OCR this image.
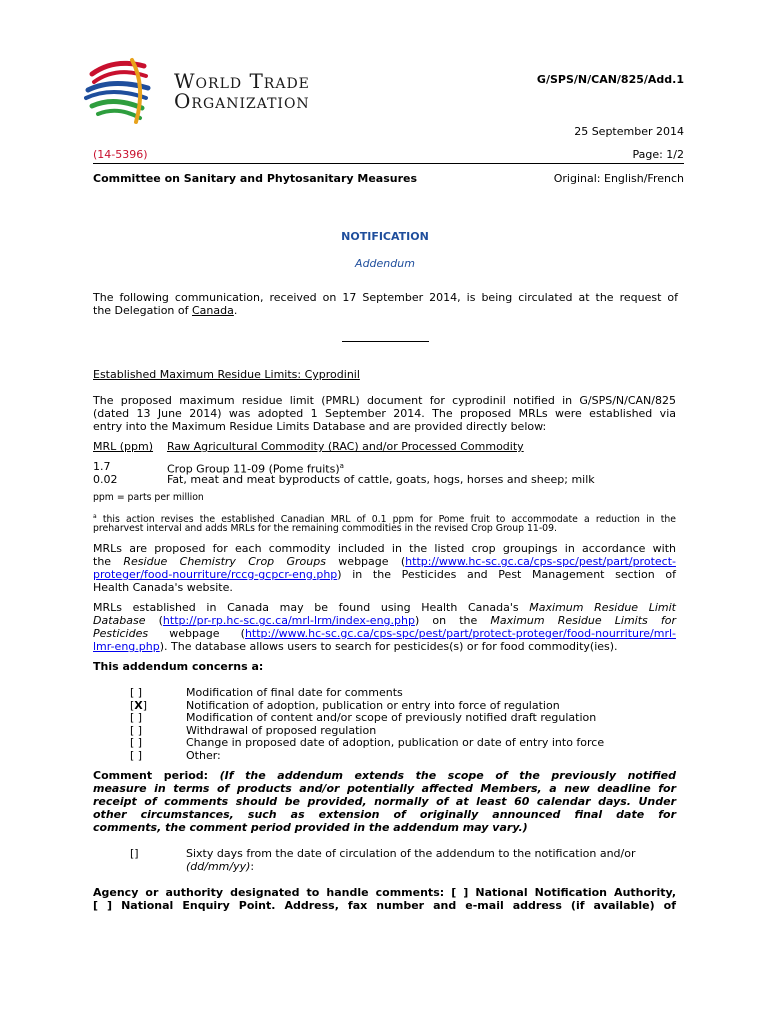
World Trade
Organization
G/SPS/N/CAN/825/Add.1
25 September 2014
(14-5396)	Page: 1/2
Committee on Sanitary and Phytosanitary Measures	Original: English/French
NOTIFICATION
Addendum
The following communication, received on 17 September 2014, is being circulated at the request of
the Delegation of Canada.
Established Maximum Residue Limits: Cyprodinil
The proposed maximum residue limit (PMRL) document for cyprodinil notified in G/SPS/N/CAN/825
(dated 13 June 2014) was adopted 1 September 2014. The proposed MRLs were established via
entry into the Maximum Residue Limits Database and are provided directly below:
MRL (ppm) Raw Agricultural Commodity (RAC) and/or Processed Commodity
1.7	Crop Group 11-09 (Pome fruits)$^a$
0.02	Fat, meat and meat byproducts of cattle, goats, hogs, horses and sheep; milk
ppm = parts per million
$^a$ this action revises the established Canadian MRL of 0.1 ppm for Pome fruit to accommodate a reduction in the
preharvest interval and adds MRLs for the remaining commodities in the revised Crop Group 11-09.
MRLs are proposed for each commodity included in the listed crop groupings in accordance with
the Residue Chemistry Crop Groups webpage (http://www.hc-sc.gc.ca/cps-spc/pest/part/protect-
proteger/food-nourriture/rccg-gcpcr-eng.php) in the Pesticides and Pest Management section of
Health Canada's website.
MRLs established in Canada may be found using Health Canada's Maximum Residue Limit
Database (http://pr-rp.hc-sc.gc.ca/mrl-lrm/index-eng.php) on the Maximum Residue Limits for
Pesticides webpage (http://www.hc-sc.gc.ca/cps-spc/pest/part/protect-proteger/food-nourriture/mrl-
lmr-eng.php). The database allows users to search for pesticides(s) or for food commodity(ies).
This addendum concerns a:
[ ]	Modification of final date for comments
[X]	Notification of adoption, publication or entry into force of regulation
[ ]	Modification of content and/or scope of previously notified draft regulation
[ ]	Withdrawal of proposed regulation
[ ]	Change in proposed date of adoption, publication or date of entry into force
[ ]	Other:
Comment period: (If the addendum extends the scope of the previously notified
measure in terms of products and/or potentially affected Members, a new deadline for
receipt of comments should be provided, normally of at least 60 calendar days. Under
other circumstances, such as extension of originally announced final date for
comments, the comment period provided in the addendum may vary.)
[]	Sixty days from the date of circulation of the addendum to the notification and/or
(dd/mm/yy):
Agency or authority designated to handle comments: [ ] National Notification Authority,
[ ] National Enquiry Point. Address, fax number and e-mail address (if available) of
